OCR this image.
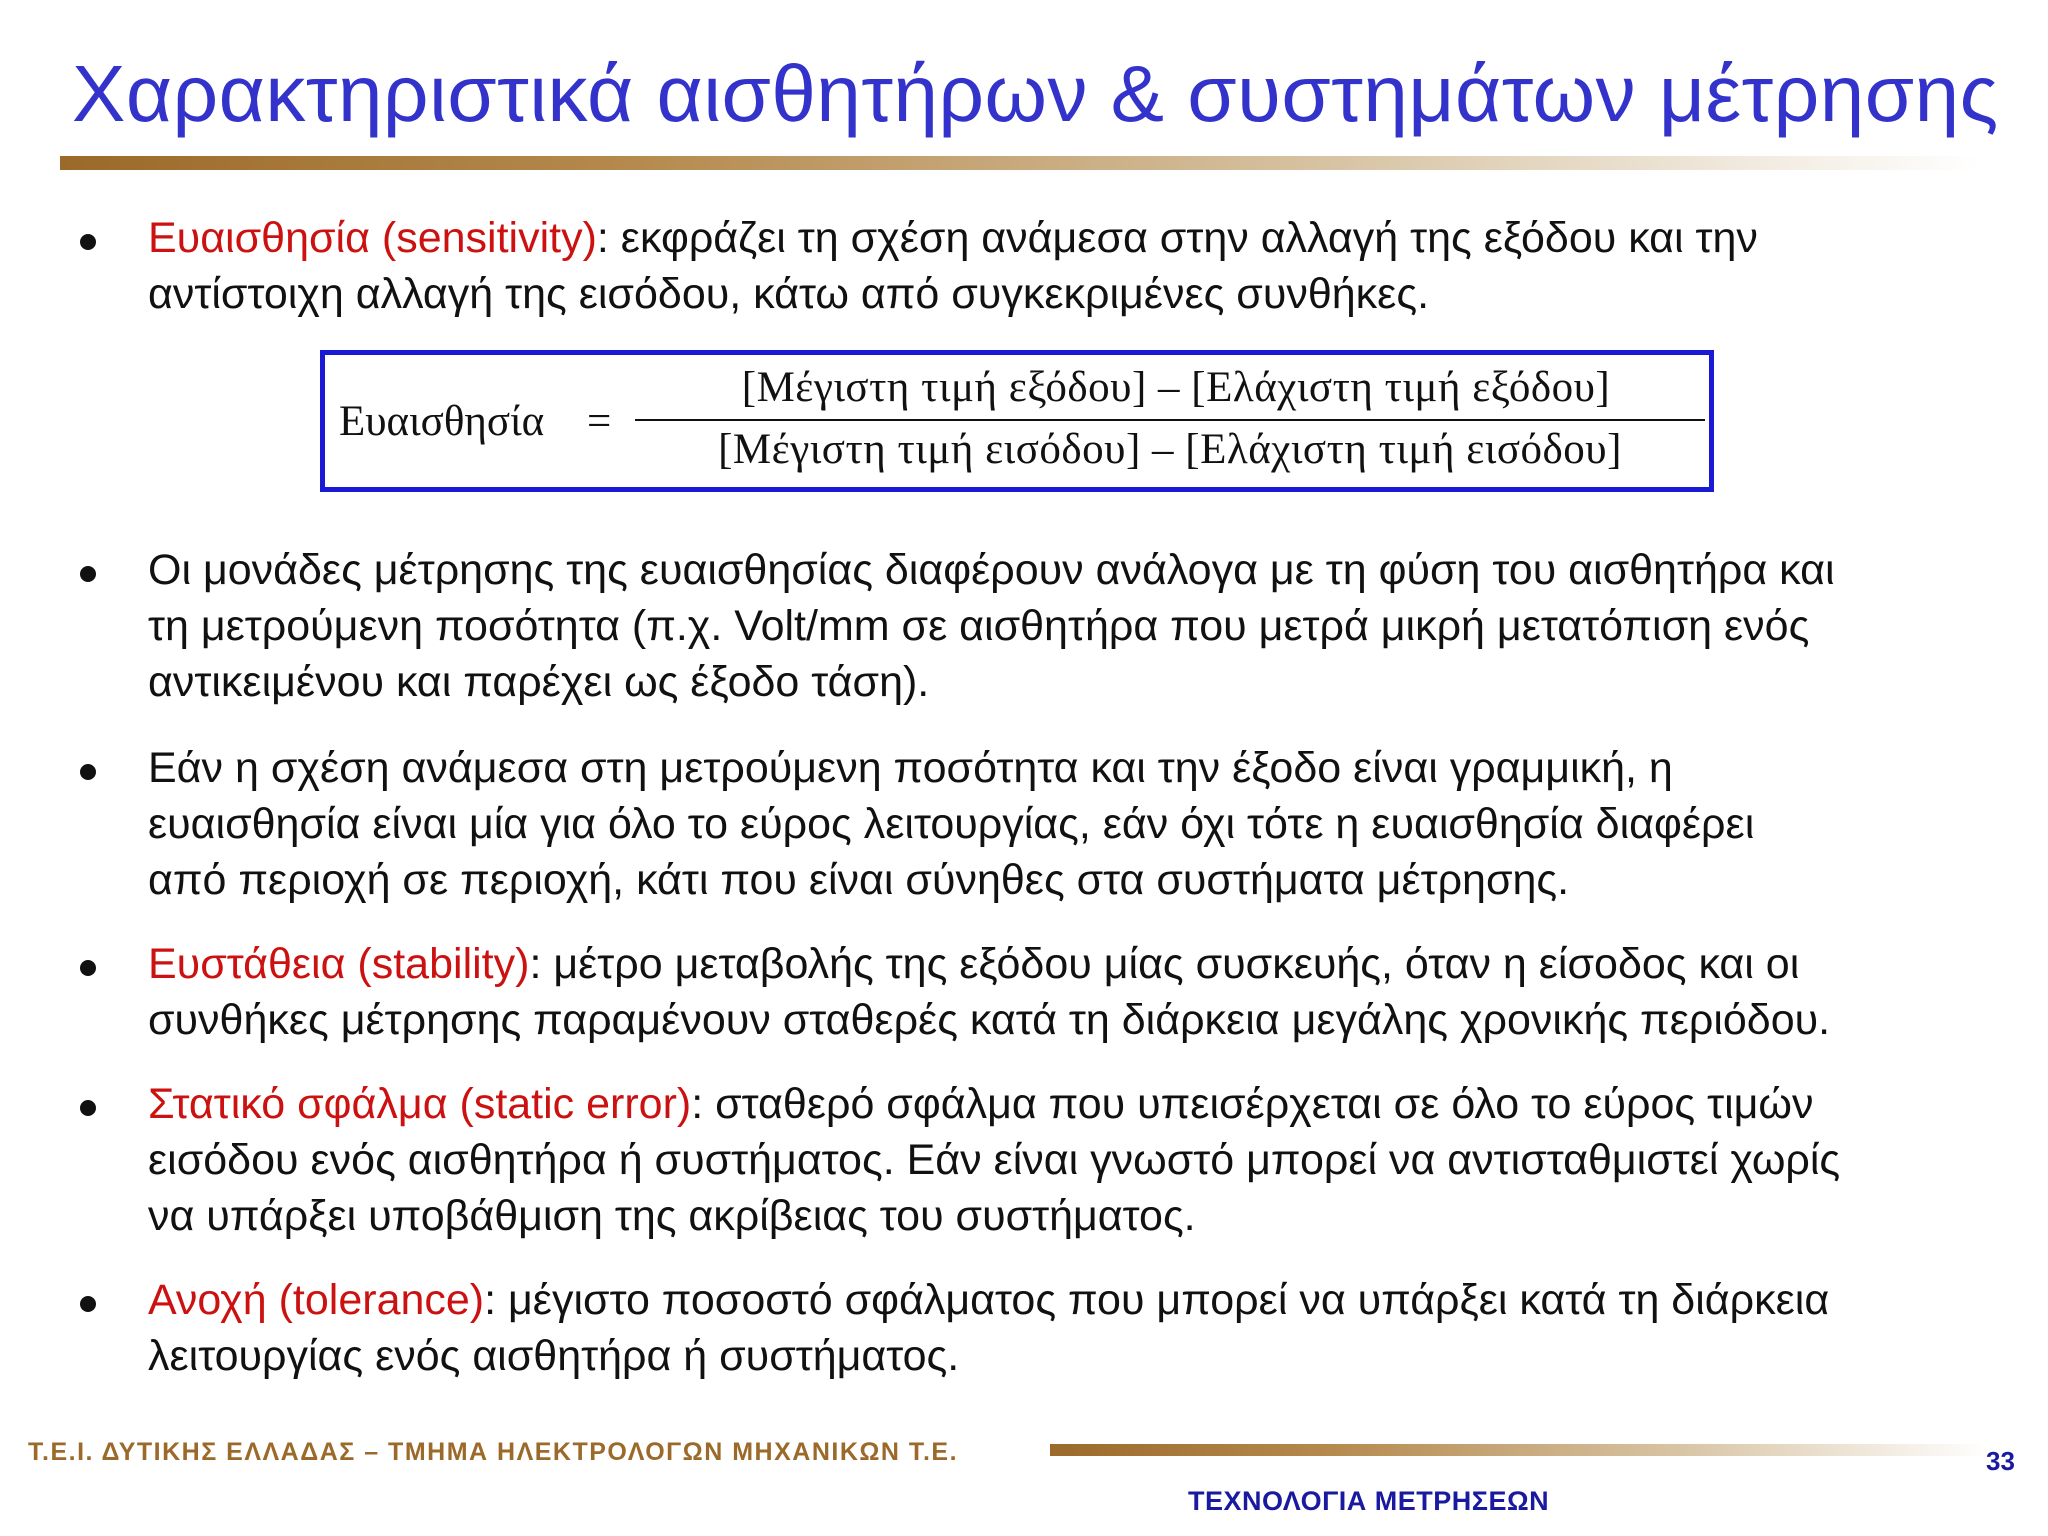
Χαρακτηριστικά αισθητήρων & συστημάτων μέτρησης
Ευαισθησία (sensitivity): εκφράζει τη σχέση ανάμεσα στην αλλαγή της εξόδου και την
αντίστοιχη αλλαγή της εισόδου, κάτω από συγκεκριμένες συνθήκες.
Οι μονάδες μέτρησης της ευαισθησίας διαφέρουν ανάλογα με τη φύση του αισθητήρα και
τη μετρούμενη ποσότητα (π.χ. Volt/mm σε αισθητήρα που μετρά μικρή μετατόπιση ενός
αντικειμένου και παρέχει ως έξοδο τάση).
Εάν η σχέση ανάμεσα στη μετρούμενη ποσότητα και την έξοδο είναι γραμμική, η
ευαισθησία είναι μία για όλο το εύρος λειτουργίας, εάν όχι τότε η ευαισθησία διαφέρει
από περιοχή σε περιοχή, κάτι που είναι σύνηθες στα συστήματα μέτρησης.
Ευστάθεια (stability): μέτρο μεταβολής της εξόδου μίας συσκευής, όταν η είσοδος και οι
συνθήκες μέτρησης παραμένουν σταθερές κατά τη διάρκεια μεγάλης χρονικής περιόδου.
Στατικό σφάλμα (static error): σταθερό σφάλμα που υπεισέρχεται σε όλο το εύρος τιμών
εισόδου ενός αισθητήρα ή συστήματος. Εάν είναι γνωστό μπορεί να αντισταθμιστεί χωρίς
να υπάρξει υποβάθμιση της ακρίβειας του συστήματος.
Ανοχή (tolerance): μέγιστο ποσοστό σφάλματος που μπορεί να υπάρξει κατά τη διάρκεια
λειτουργίας ενός αισθητήρα ή συστήματος.
Ευαισθησία =
[Μέγιστη τιμή εξόδου] – [Ελάχιστη τιμή εξόδου]
[Μέγιστη τιμή εισόδου] – [Ελάχιστη τιμή εισόδου]
Τ.Ε.Ι. ΔΥΤΙΚΗΣ ΕΛΛΑΔΑΣ – ΤΜΗΜΑ ΗΛΕΚΤΡΟΛΟΓΩΝ ΜΗΧΑΝΙΚΩΝ Τ.Ε.	33
ΤΕΧΝΟΛΟΓΙΑ ΜΕΤΡΗΣΕΩΝ
